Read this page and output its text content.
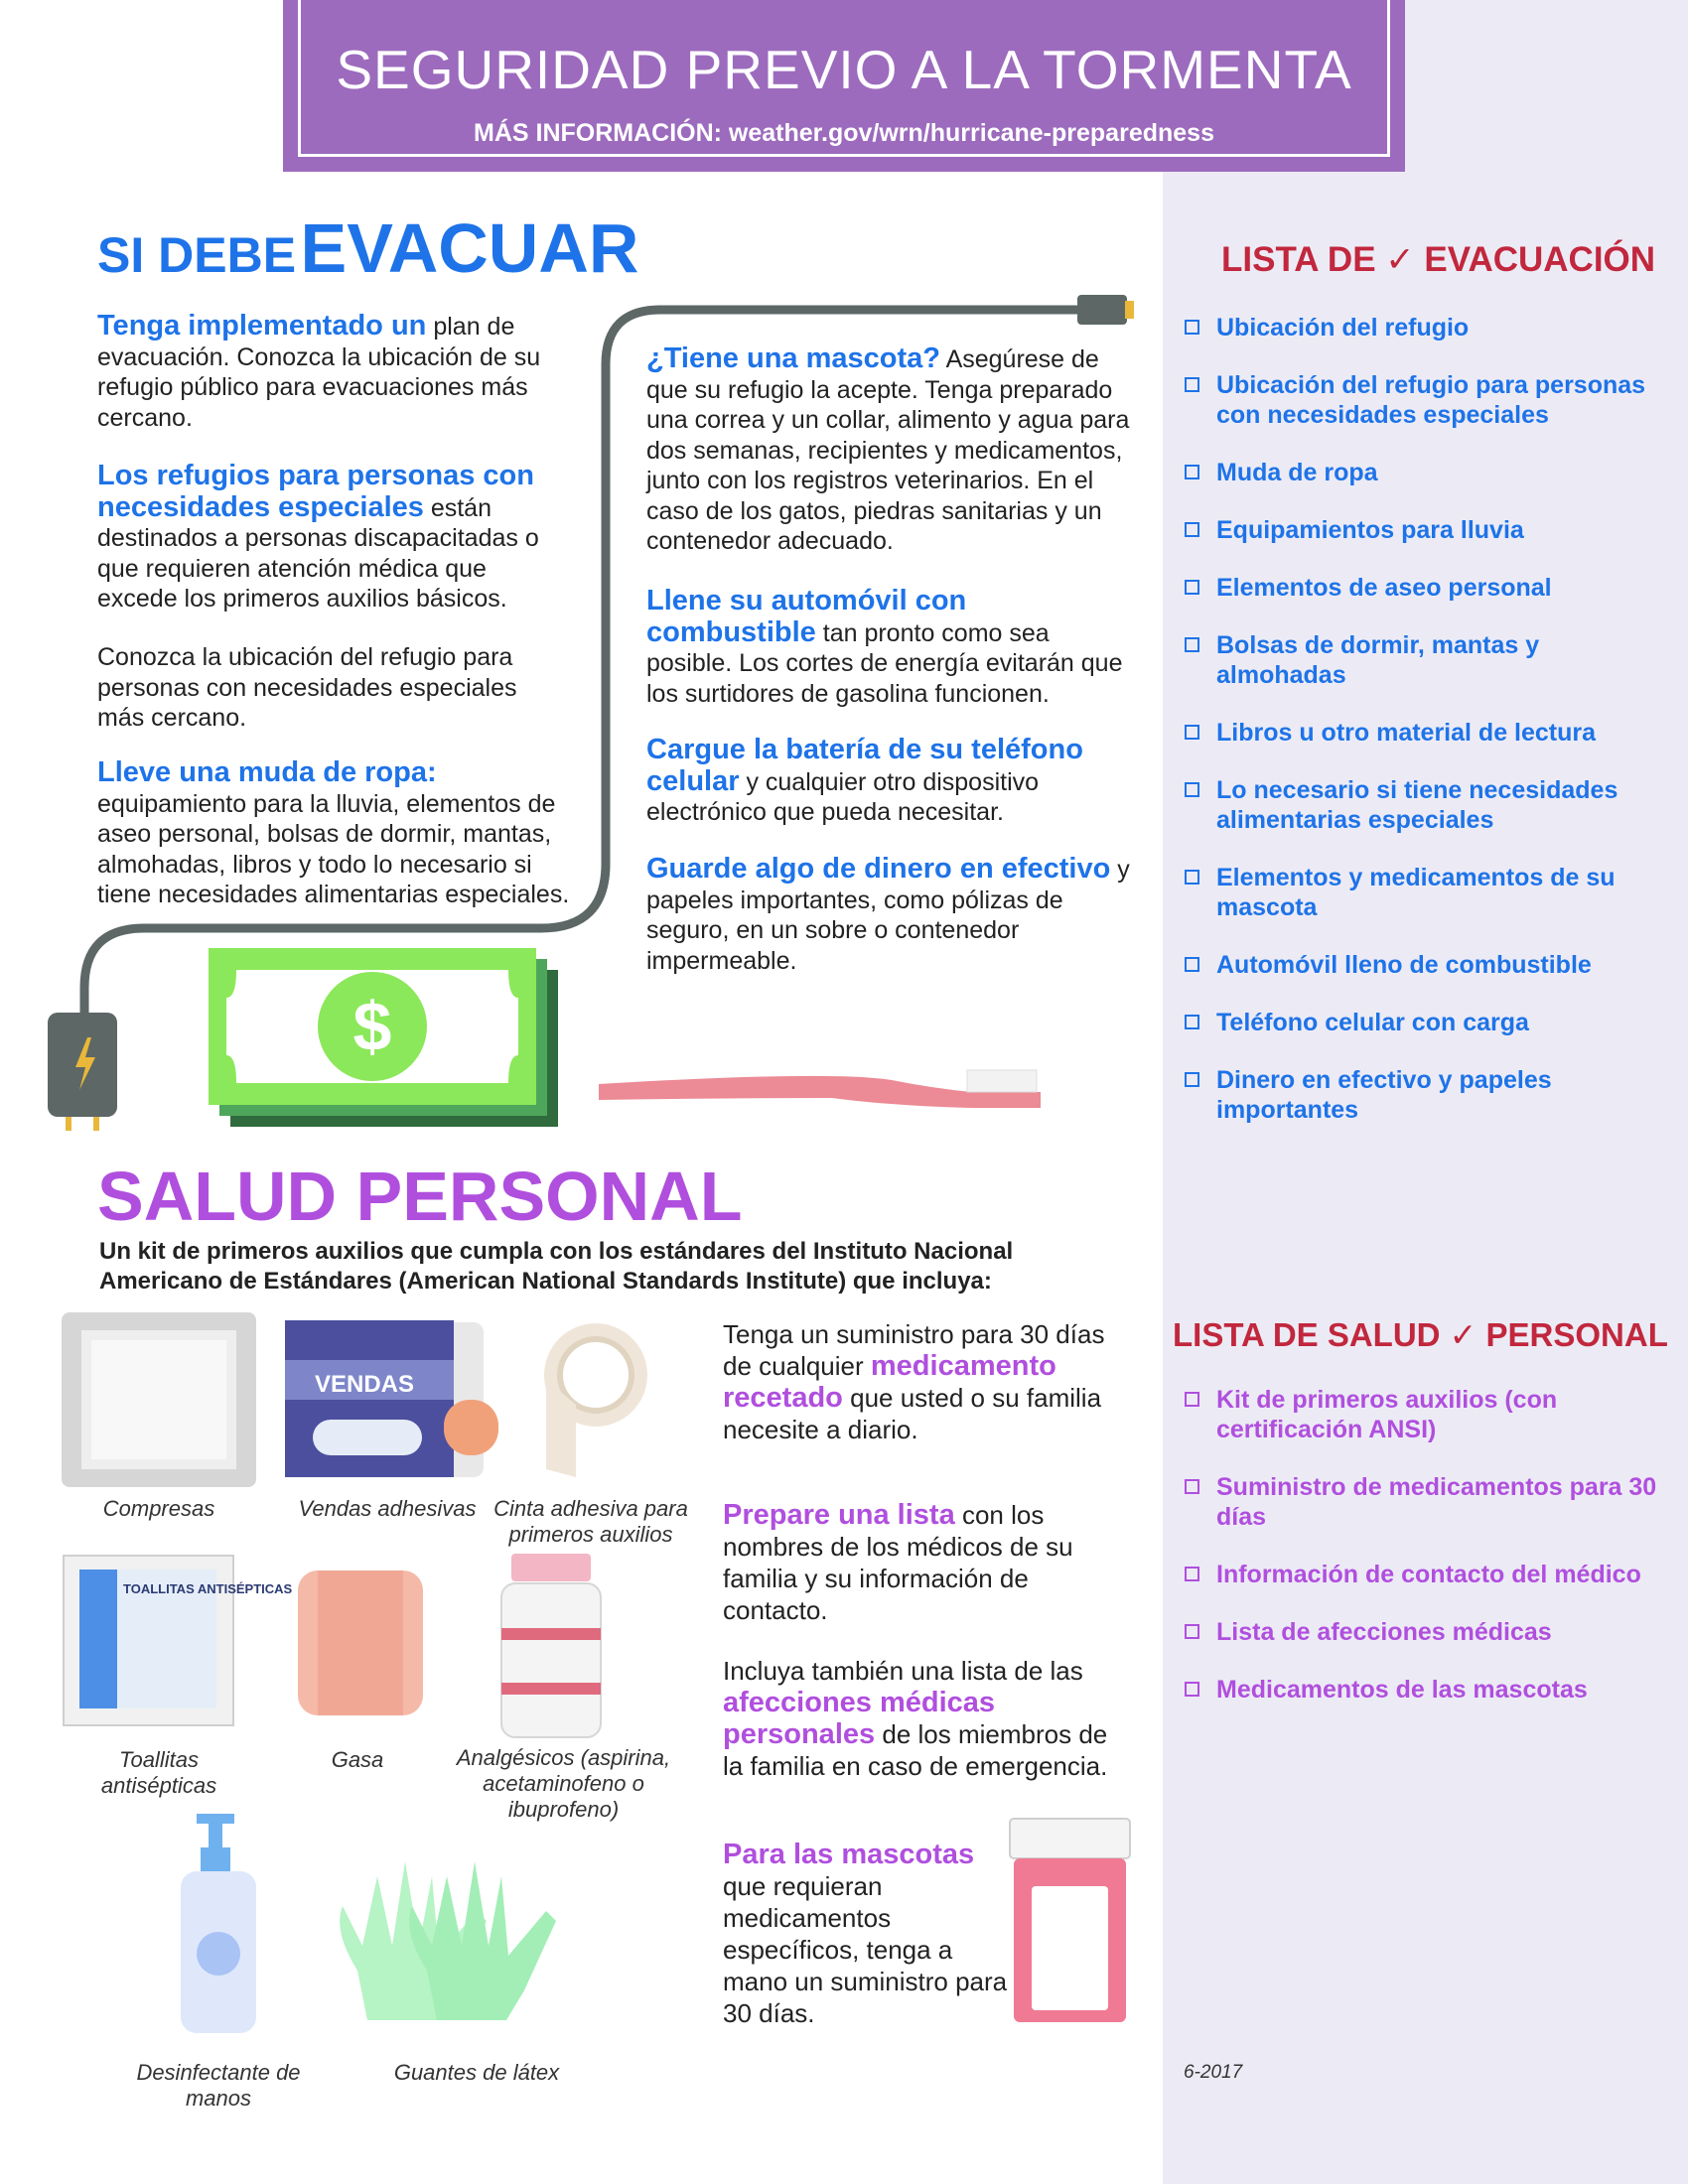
SEGURIDAD PREVIO A LA TORMENTA
MÁS INFORMACIÓN: weather.gov/wrn/hurricane-preparedness
$
SI DEBE EVACUAR
Tenga implementado un plan de evacuación. Conozca la ubicación de su refugio público para evacuaciones más cercano.
Los refugios para personas con necesidades especiales están destinados a personas discapacitadas o que requieren atención médica que excede los primeros auxilios básicos.
Conozca la ubicación del refugio para personas con necesidades especiales más cercano.
Lleve una muda de ropa: equipamiento para la lluvia, elementos de aseo personal, bolsas de dormir, mantas, almohadas, libros y todo lo necesario si tiene necesidades alimentarias especiales.
¿Tiene una mascota? Asegúrese de que su refugio la acepte. Tenga preparado una correa y un collar, alimento y agua para dos semanas, recipientes y medicamentos, junto con los registros veterinarios. En el caso de los gatos, piedras sanitarias y un contenedor adecuado.
Llene su automóvil con combustible tan pronto como sea posible. Los cortes de energía evitarán que los surtidores de gasolina funcionen.
Cargue la batería de su teléfono celular y cualquier otro dispositivo electrónico que pueda necesitar.
Guarde algo de dinero en efectivo y papeles importantes, como pólizas de seguro, en un sobre o contenedor impermeable.
LISTA DE ✓ EVACUACIÓN
Ubicación del refugio
Ubicación del refugio para personas con necesidades especiales
Muda de ropa
Equipamientos para lluvia
Elementos de aseo personal
Bolsas de dormir, mantas y almohadas
Libros u otro material de lectura
Lo necesario si tiene necesidades alimentarias especiales
Elementos y medicamentos de su mascota
Automóvil lleno de combustible
Teléfono celular con carga
Dinero en efectivo y papeles importantes
SALUD PERSONAL
Un kit de primeros auxilios que cumpla con los estándares del Instituto Nacional Americano de Estándares (American National Standards Institute) que incluya:
Compresas
VENDAS
Vendas adhesivas Cinta adhesiva para primeros auxilios
TOALLITAS ANTISÉPTICAS
Toallitas antisépticas
Gasa	Analgésicos (aspirina, acetaminofeno o ibuprofeno)
Desinfectante de manos
Guantes de látex
Tenga un suministro para 30 días de cualquier medicamento recetado que usted o su familia necesite a diario.
Prepare una lista con los nombres de los médicos de su familia y su información de contacto.
Incluya también una lista de las afecciones médicas personales de los miembros de la familia en caso de emergencia.
Para las mascotas que requieran medicamentos específicos, tenga a mano un suministro para 30 días.
LISTA DE SALUD ✓ PERSONAL
Kit de primeros auxilios (con certificación ANSI)
Suministro de medicamentos para 30 días
Información de contacto del médico
Lista de afecciones médicas
Medicamentos de las mascotas
6-2017
